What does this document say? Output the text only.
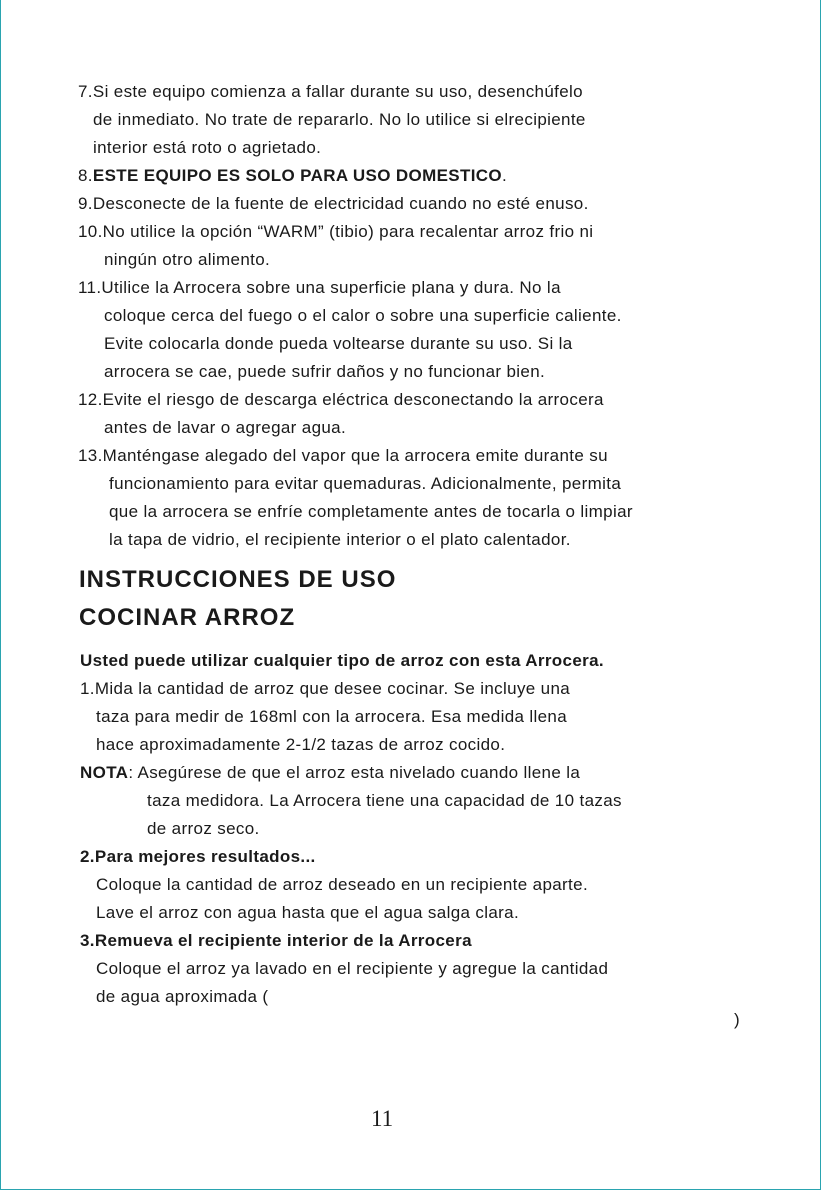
7.Si este equipo comienza a fallar durante su uso, desenchúfelo
de inmediato. No trate de repararlo. No lo utilice si elrecipiente
interior está roto o agrietado.
8.ESTE EQUIPO ES SOLO PARA USO DOMESTICO.
9.Desconecte de la fuente de electricidad cuando no esté enuso.
10.No utilice la opción “WARM” (tibio) para recalentar arroz frio ni
ningún otro alimento.
11.Utilice la Arrocera sobre una superficie plana y dura. No la
coloque cerca del fuego o el calor o sobre una superficie caliente.
Evite colocarla donde pueda voltearse durante su uso. Si la
arrocera se cae, puede sufrir daños y no funcionar bien.
12.Evite el riesgo de descarga eléctrica desconectando la arrocera
antes de lavar o agregar agua.
13.Manténgase alegado del vapor que la arrocera emite durante su
funcionamiento para evitar quemaduras. Adicionalmente, permita
que la arrocera se enfríe completamente antes de tocarla o limpiar
la tapa de vidrio, el recipiente interior o el plato calentador.
INSTRUCCIONES DE USO
COCINAR ARROZ
Usted puede utilizar cualquier tipo de arroz con esta Arrocera.
1.Mida la cantidad de arroz que desee cocinar. Se incluye una
taza para medir de 168ml con la arrocera. Esa medida llena
hace aproximadamente 2-1/2 tazas de arroz cocido.
NOTA: Asegúrese de que el arroz esta nivelado cuando llene la
taza medidora. La Arrocera tiene una capacidad de 10 tazas
de arroz seco.
2.Para mejores resultados...
Coloque la cantidad de arroz deseado en un recipiente aparte.
Lave el arroz con agua hasta que el agua salga clara.
3.Remueva el recipiente interior de la Arrocera
Coloque el arroz ya lavado en el recipiente y agregue la cantidad
de agua aproximada (
)
11
